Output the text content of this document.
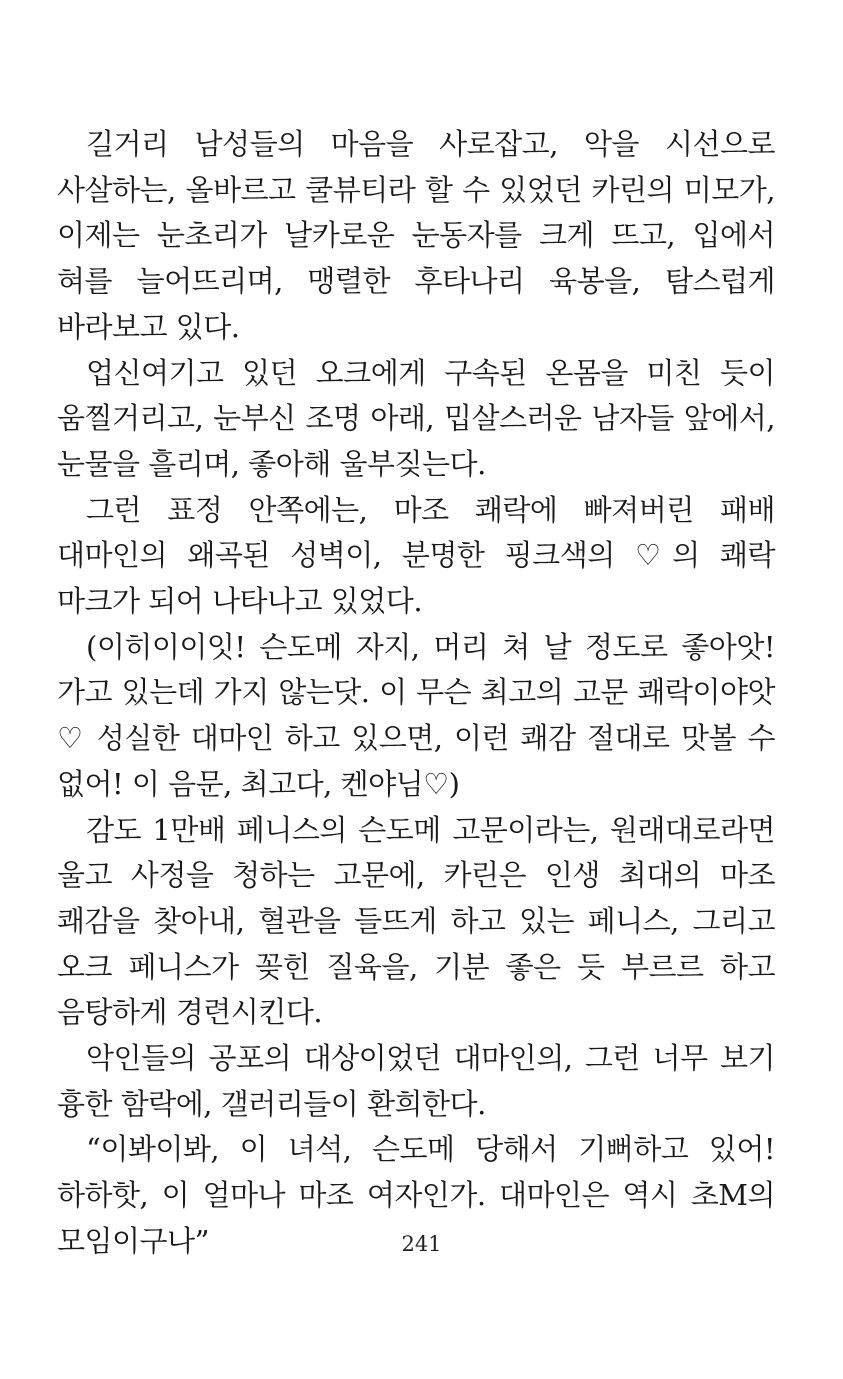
길거리 남성들의 마음을 사로잡고, 악을 시선으로 사살하는, 올바르고 쿨뷰티라 할 수 있었던 카린의 미모가, 이제는 눈초리가 날카로운 눈동자를 크게 뜨고, 입에서 혀를 늘어뜨리며, 맹렬한 후타나리 육봉을, 탐스럽게 바라보고 있다.

업신여기고 있던 오크에게 구속된 온몸을 미친 듯이 움찔거리고, 눈부신 조명 아래, 밉살스러운 남자들 앞에서, 눈물을 흘리며, 좋아해 울부짖는다.

그런 표정 안쪽에는, 마조 쾌락에 빠져버린 패배 대마인의 왜곡된 성벽이, 분명한 핑크색의 ♡의 쾌락 마크가 되어 나타나고 있었다.

(이히이이잇! 슨도메 자지, 머리 쳐 날 정도로 좋아앗! 가고 있는데 가지 않는닷. 이 무슨 최고의 고문 쾌락이야앗♡ 성실한 대마인 하고 있으면, 이런 쾌감 절대로 맛볼 수 없어! 이 음문, 최고다, 켄야님♡)

감도 1만배 페니스의 슨도메 고문이라는, 원래대로라면 울고 사정을 청하는 고문에, 카린은 인생 최대의 마조 쾌감을 찾아내, 혈관을 들뜨게 하고 있는 페니스, 그리고 오크 페니스가 꽂힌 질육을, 기분 좋은 듯 부르르 하고 음탕하게 경련시킨다.

악인들의 공포의 대상이었던 대마인의, 그런 너무 보기 흉한 함락에, 갤러리들이 환희한다.

“이봐이봐, 이 녀석, 슨도메 당해서 기뻐하고 있어! 하하핫, 이 얼마나 마조 여자인가. 대마인은 역시 초M의 모임이구나”	241
